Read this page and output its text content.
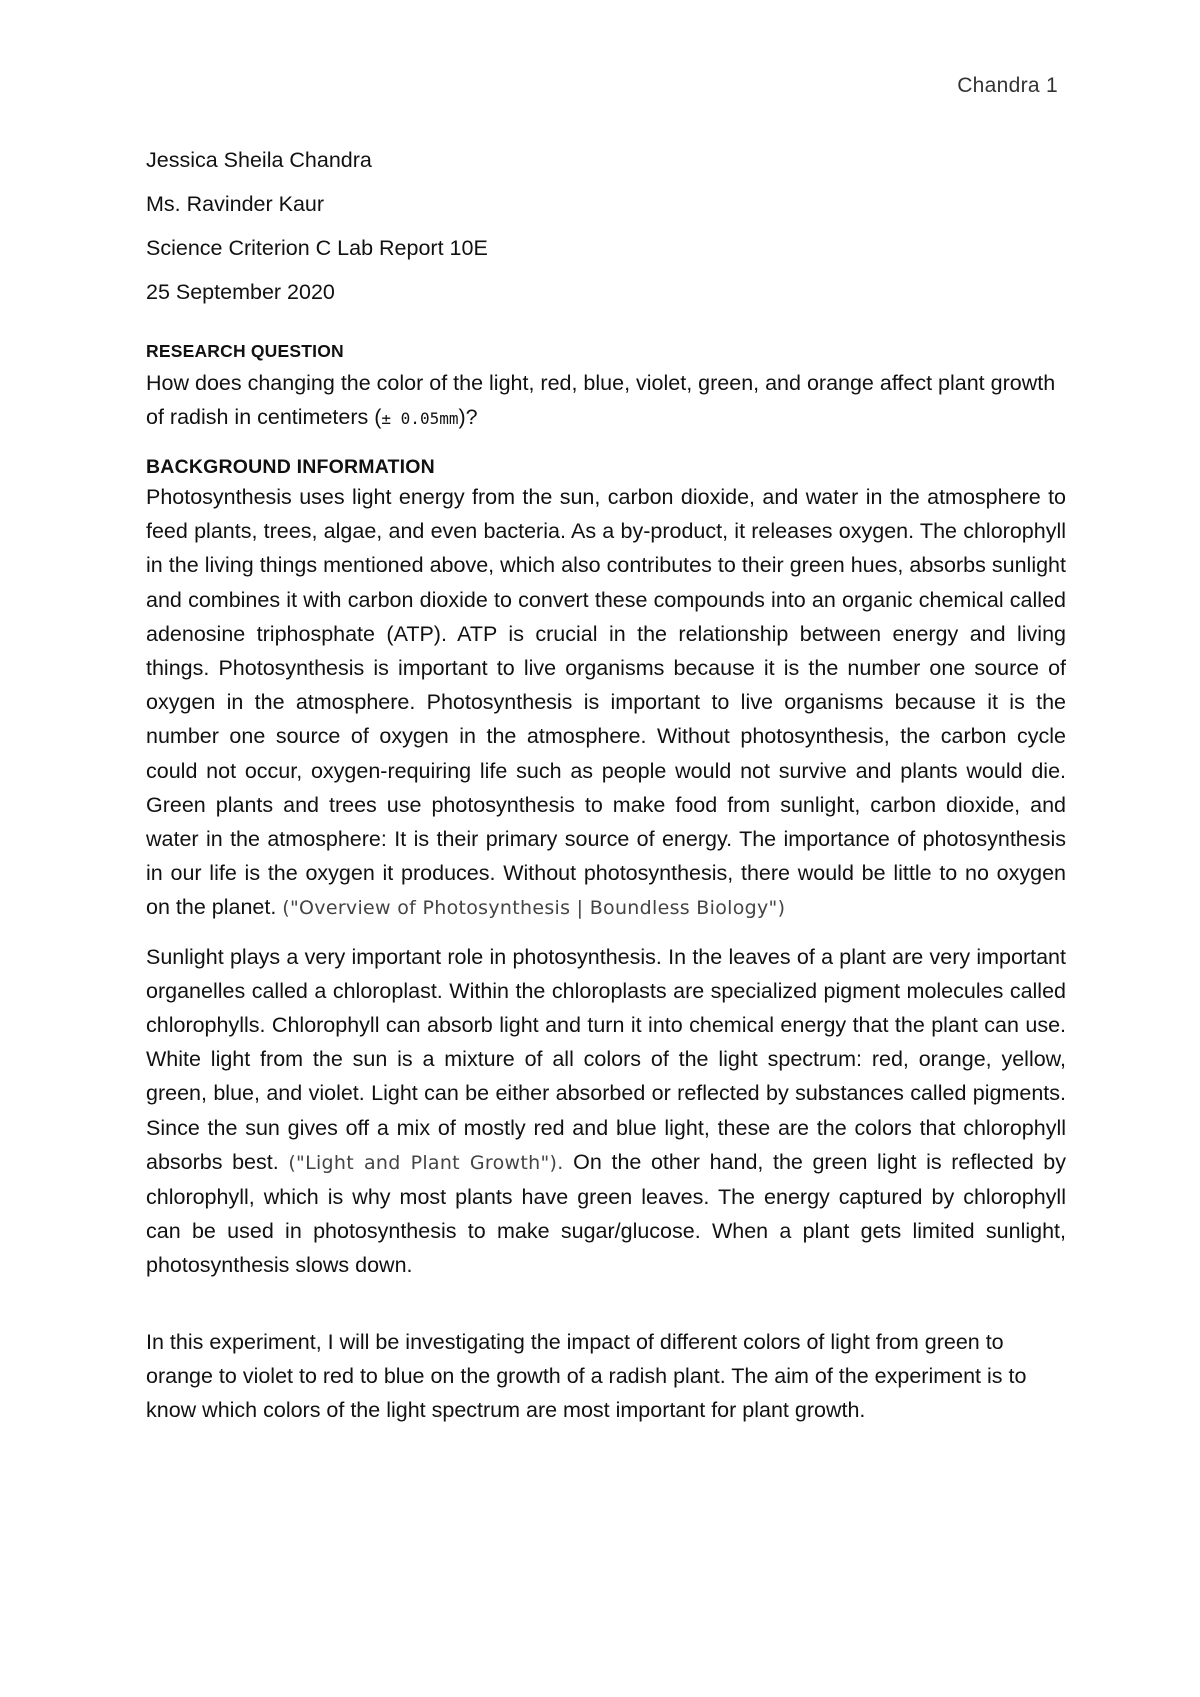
Chandra 1

Jessica Sheila Chandra

Ms. Ravinder Kaur

Science Criterion C Lab Report 10E

25 September 2020

RESEARCH QUESTION

How does changing the color of the light, red, blue, violet, green, and orange affect plant growth of radish in centimeters (± 0.05mm)?

BACKGROUND INFORMATION

Photosynthesis uses light energy from the sun, carbon dioxide, and water in the atmosphere to feed plants, trees, algae, and even bacteria. As a by-product, it releases oxygen. The chlorophyll in the living things mentioned above, which also contributes to their green hues, absorbs sunlight and combines it with carbon dioxide to convert these compounds into an organic chemical called adenosine triphosphate (ATP). ATP is crucial in the relationship between energy and living things. Photosynthesis is important to live organisms because it is the number one source of oxygen in the atmosphere. Photosynthesis is important to live organisms because it is the number one source of oxygen in the atmosphere. Without photosynthesis, the carbon cycle could not occur, oxygen-requiring life such as people would not survive and plants would die. Green plants and trees use photosynthesis to make food from sunlight, carbon dioxide, and water in the atmosphere: It is their primary source of energy. The importance of photosynthesis in our life is the oxygen it produces. Without photosynthesis, there would be little to no oxygen on the planet. ("Overview of Photosynthesis | Boundless Biology")

Sunlight plays a very important role in photosynthesis. In the leaves of a plant are very important organelles called a chloroplast. Within the chloroplasts are specialized pigment molecules called chlorophylls. Chlorophyll can absorb light and turn it into chemical energy that the plant can use. White light from the sun is a mixture of all colors of the light spectrum: red, orange, yellow, green, blue, and violet. Light can be either absorbed or reflected by substances called pigments. Since the sun gives off a mix of mostly red and blue light, these are the colors that chlorophyll absorbs best. ("Light and Plant Growth"). On the other hand, the green light is reflected by chlorophyll, which is why most plants have green leaves. The energy captured by chlorophyll can be used in photosynthesis to make sugar/glucose. When a plant gets limited sunlight, photosynthesis slows down.

In this experiment, I will be investigating the impact of different colors of light from green to orange to violet to red to blue on the growth of a radish plant. The aim of the experiment is to know which colors of the light spectrum are most important for plant growth.
